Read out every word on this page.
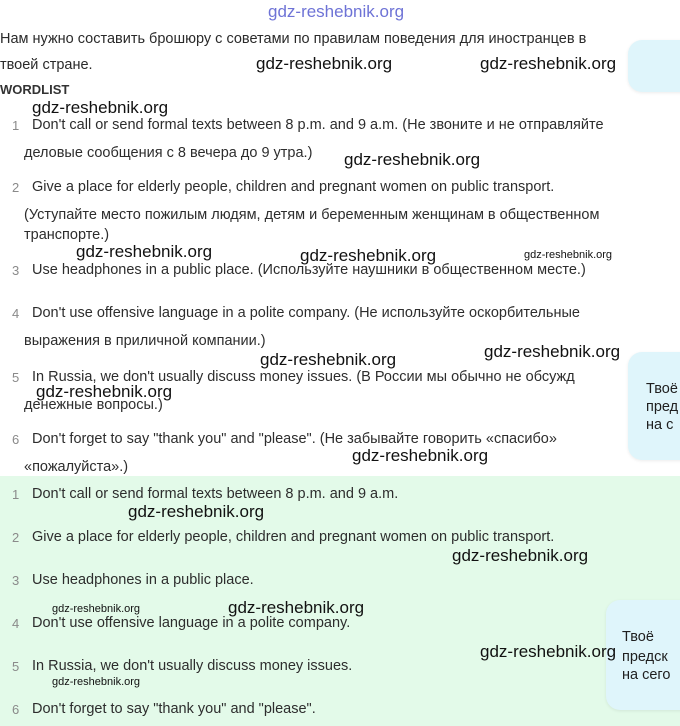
gdz-reshebnik.org
Нам нужно составить брошюру с советами по правилам поведения для иностранцев в
твоей стране.
WORDLIST
1 Don't call or send formal texts between 8 p.m. and 9 a.m. (Не звоните и не отправляйте
деловые сообщения с 8 вечера до 9 утра.)
2 Give a place for elderly people, children and pregnant women on public transport.
(Уступайте место пожилым людям, детям и беременным женщинам в общественном
транспорте.)
3 Use headphones in a public place. (Используйте наушники в общественном месте.)
4 Don't use offensive language in a polite company. (Не используйте оскорбительные
выражения в приличной компании.)
5 In Russia, we don't usually discuss money issues. (В России мы обычно не обсужд
денежные вопросы.)
6 Don't forget to say "thank you" and "please". (Не забывайте говорить «спасибо»
«пожалуйста».)
Твоё
пред
на с
1 Don't call or send formal texts between 8 p.m. and 9 a.m.
2 Give a place for elderly people, children and pregnant women on public transport.
3 Use headphones in a public place.
4 Don't use offensive language in a polite company.
5 In Russia, we don't usually discuss money issues.
6 Don't forget to say "thank you" and "please".
Твоё
предск
на сего
gdz-reshebnik.org	gdz-reshebnik.org
gdz-reshebnik.org
gdz-reshebnik.org
gdz-reshebnik.org	gdz-reshebnik.org	gdz-reshebnik.org
gdz-reshebnik.org
gdz-reshebnik.org
gdz-reshebnik.org
gdz-reshebnik.org
gdz-reshebnik.org
gdz-reshebnik.org
gdz-reshebnik.org	gdz-reshebnik.org
gdz-reshebnik.org
gdz-reshebnik.org
